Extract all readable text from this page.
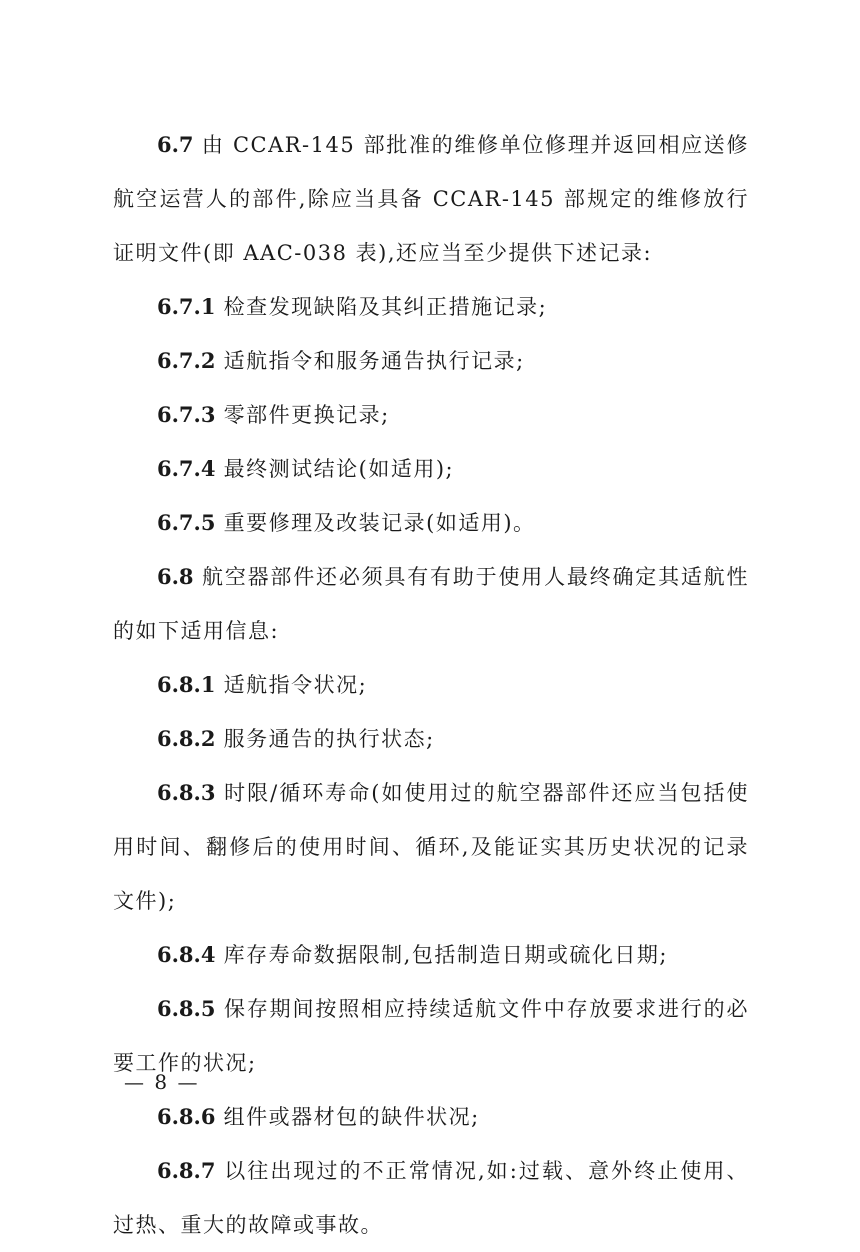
6.7 由 CCAR-145 部批准的维修单位修理并返回相应送修航空运营人的部件,除应当具备 CCAR-145 部规定的维修放行证明文件(即 AAC-038 表),还应当至少提供下述记录:

6.7.1 检查发现缺陷及其纠正措施记录;

6.7.2 适航指令和服务通告执行记录;

6.7.3 零部件更换记录;

6.7.4 最终测试结论(如适用);

6.7.5 重要修理及改装记录(如适用)。

6.8 航空器部件还必须具有有助于使用人最终确定其适航性的如下适用信息:

6.8.1 适航指令状况;

6.8.2 服务通告的执行状态;

6.8.3 时限/循环寿命(如使用过的航空器部件还应当包括使用时间、翻修后的使用时间、循环,及能证实其历史状况的记录文件);

6.8.4 库存寿命数据限制,包括制造日期或硫化日期;

6.8.5 保存期间按照相应持续适航文件中存放要求进行的必要工作的状况;

6.8.6 组件或器材包的缺件状况;

6.8.7 以往出现过的不正常情况,如:过载、意外终止使用、过热、重大的故障或事故。

— 8 —
